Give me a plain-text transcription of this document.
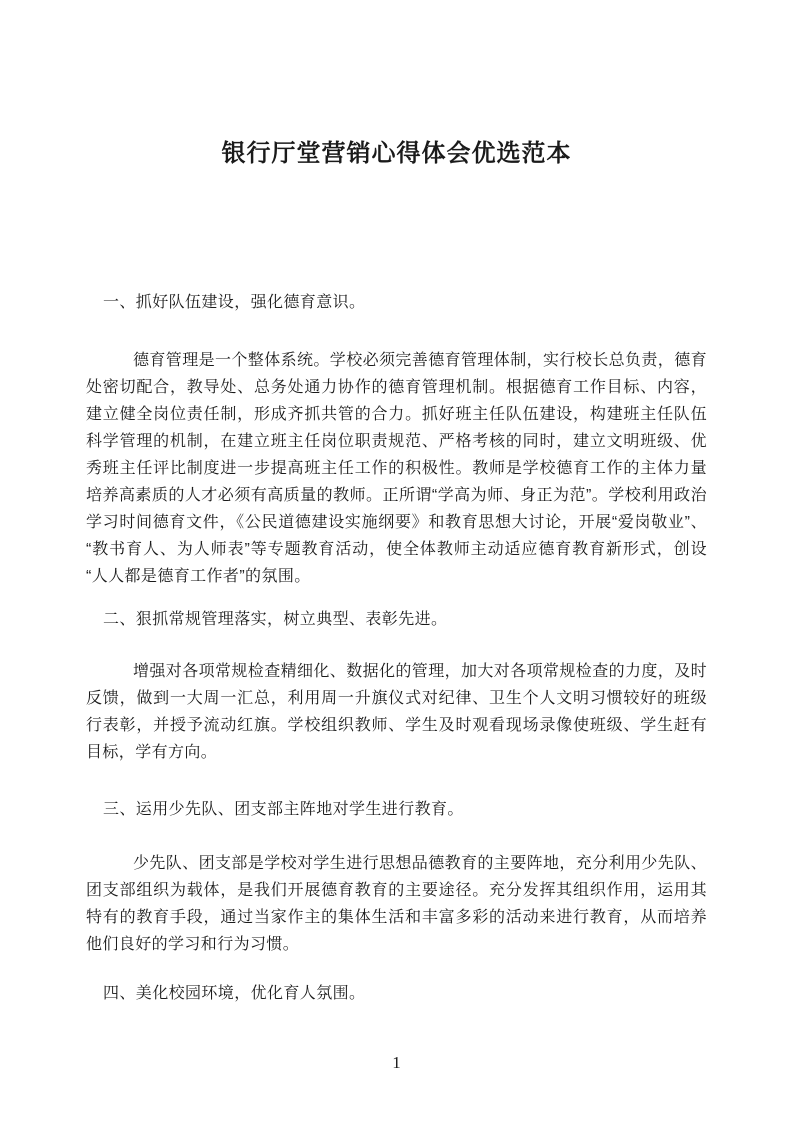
银行厅堂营销心得体会优选范本
一、抓好队伍建设，强化德育意识。
德育管理是一个整体系统。学校必须完善德育管理体制，实行校长总负责，德育处密切配合，教导处、总务处通力协作的德育管理机制。根据德育工作目标、内容，建立健全岗位责任制，形成齐抓共管的合力。抓好班主任队伍建设，构建班主任队伍科学管理的机制，在建立班主任岗位职责规范、严格考核的同时，建立文明班级、优秀班主任评比制度进一步提高班主任工作的积极性。教师是学校德育工作的主体力量培养高素质的人才必须有高质量的教师。正所谓“学高为师、身正为范”。学校利用政治学习时间德育文件，《公民道德建设实施纲要》和教育思想大讨论，开展“爱岗敬业”、“教书育人、为人师表”等专题教育活动，使全体教师主动适应德育教育新形式，创设“人人都是德育工作者”的氛围。
二、狠抓常规管理落实，树立典型、表彰先进。
增强对各项常规检查精细化、数据化的管理，加大对各项常规检查的力度，及时反馈，做到一大周一汇总，利用周一升旗仪式对纪律、卫生个人文明习惯较好的班级行表彰，并授予流动红旗。学校组织教师、学生及时观看现场录像使班级、学生赶有目标，学有方向。
三、运用少先队、团支部主阵地对学生进行教育。
少先队、团支部是学校对学生进行思想品德教育的主要阵地，充分利用少先队、团支部组织为载体，是我们开展德育教育的主要途径。充分发挥其组织作用，运用其特有的教育手段，通过当家作主的集体生活和丰富多彩的活动来进行教育，从而培养他们良好的学习和行为习惯。
四、美化校园环境，优化育人氛围。
1
